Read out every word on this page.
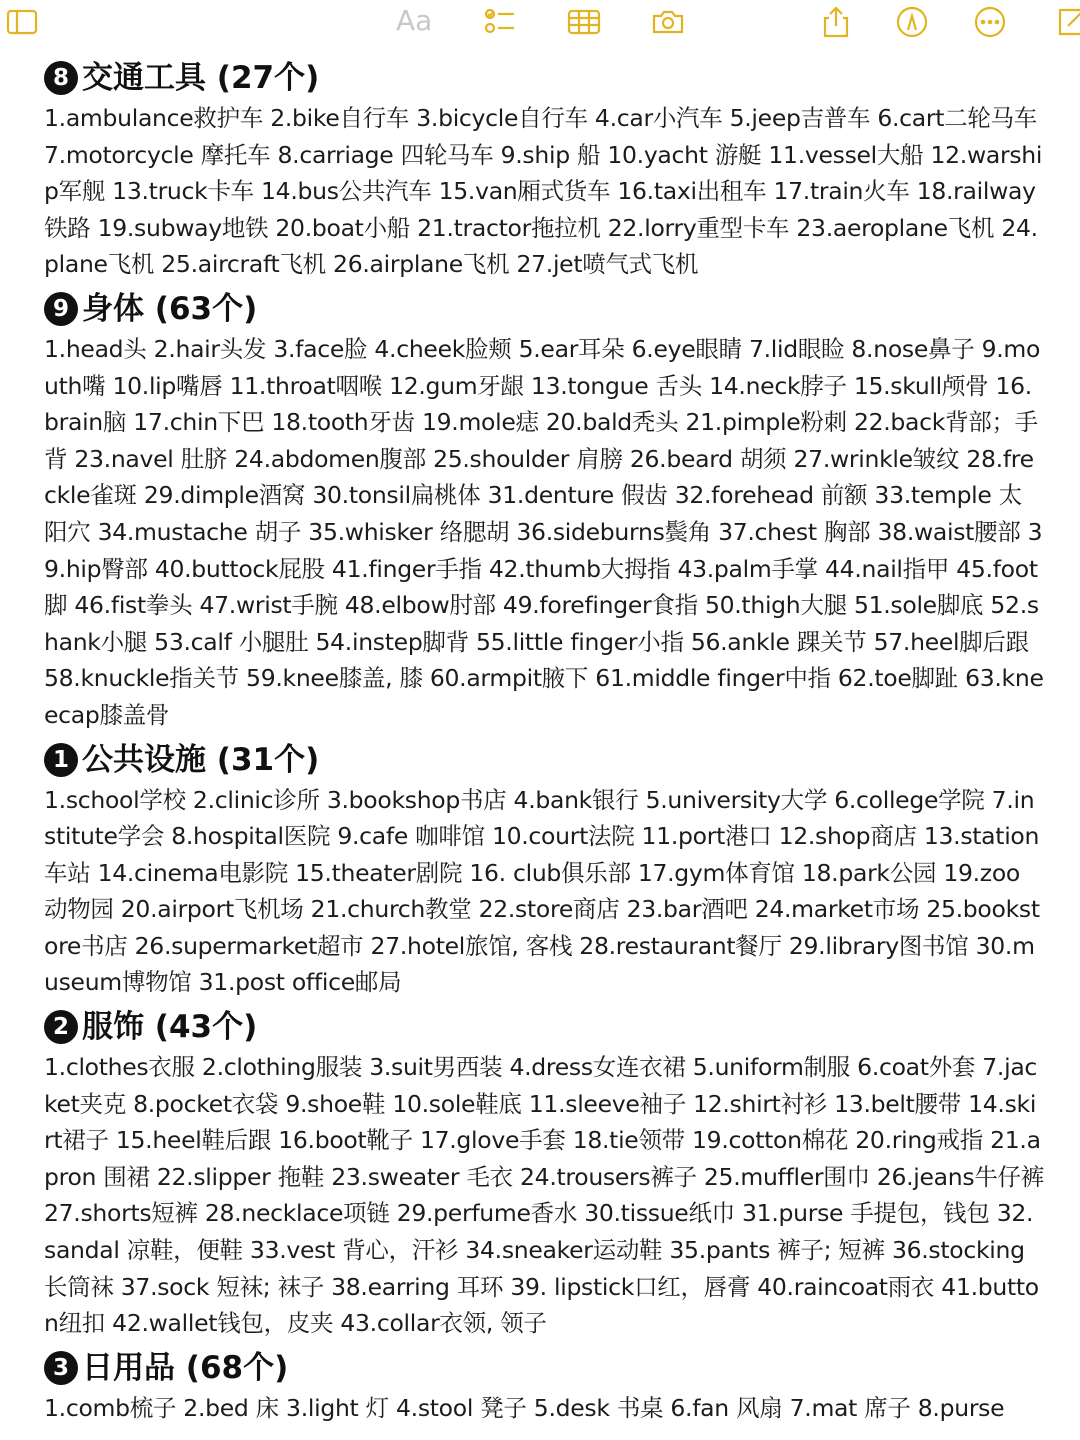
Aa
8 交通工具 (27个)
1.ambulance救护车 2.bike自行车 3.bicycle自行车 4.car小汽车 5.jeep吉普车 6.cart二轮马车 7.motorcycle 摩托车 8.carriage 四轮马车 9.ship 船 10.yacht 游艇 11.vessel大船 12.warship军舰 13.truck卡车 14.bus公共汽车 15.van厢式货车 16.taxi出租车 17.train火车 18.railway铁路 19.subway地铁 20.boat小船 21.tractor拖拉机 22.lorry重型卡车 23.aeroplane飞机 24.plane飞机 25.aircraft飞机 26.airplane飞机 27.jet喷气式飞机
9 身体 (63个)
1.head头 2.hair头发 3.face脸 4.cheek脸颊 5.ear耳朵 6.eye眼睛 7.lid眼睑 8.nose鼻子 9.mouth嘴 10.lip嘴唇 11.throat咽喉 12.gum牙龈 13.tongue 舌头 14.neck脖子 15.skull颅骨 16.brain脑 17.chin下巴 18.tooth牙齿 19.mole痣 20.bald秃头 21.pimple粉刺 22.back背部；手背 23.navel 肚脐 24.abdomen腹部 25.shoulder 肩膀 26.beard 胡须 27.wrinkle皱纹 28.freckle雀斑 29.dimple酒窝 30.tonsil扁桃体 31.denture 假齿 32.forehead 前额 33.temple 太阳穴 34.mustache 胡子 35.whisker 络腮胡 36.sideburns鬓角 37.chest 胸部 38.waist腰部 39.hip臀部 40.buttock屁股 41.finger手指 42.thumb大拇指 43.palm手掌 44.nail指甲 45.foot脚 46.fist拳头 47.wrist手腕 48.elbow肘部 49.forefinger食指 50.thigh大腿 51.sole脚底 52.shank小腿 53.calf 小腿肚 54.instep脚背 55.little finger小指 56.ankle 踝关节 57.heel脚后跟 58.knuckle指关节 59.knee膝盖, 膝 60.armpit腋下 61.middle finger中指 62.toe脚趾 63.kneecap膝盖骨
1 公共设施 (31个)
1.school学校 2.clinic诊所 3.bookshop书店 4.bank银行 5.university大学 6.college学院 7.institute学会 8.hospital医院 9.cafe 咖啡馆 10.court法院 11.port港口 12.shop商店 13.station车站 14.cinema电影院 15.theater剧院 16. club俱乐部 17.gym体育馆 18.park公园 19.zoo 动物园 20.airport飞机场 21.church教堂 22.store商店 23.bar酒吧 24.market市场 25.bookstore书店 26.supermarket超市 27.hotel旅馆, 客栈 28.restaurant餐厅 29.library图书馆 30.museum博物馆 31.post office邮局
2 服饰 (43个)
1.clothes衣服 2.clothing服装 3.suit男西装 4.dress女连衣裙 5.uniform制服 6.coat外套 7.jacket夹克 8.pocket衣袋 9.shoe鞋 10.sole鞋底 11.sleeve袖子 12.shirt衬衫 13.belt腰带 14.skirt裙子 15.heel鞋后跟 16.boot靴子 17.glove手套 18.tie领带 19.cotton棉花 20.ring戒指 21.apron 围裙 22.slipper 拖鞋 23.sweater 毛衣 24.trousers裤子 25.muffler围巾 26.jeans牛仔裤 27.shorts短裤 28.necklace项链 29.perfume香水 30.tissue纸巾 31.purse 手提包，钱包 32.sandal 凉鞋，便鞋 33.vest 背心，汗衫 34.sneaker运动鞋 35.pants 裤子; 短裤 36.stocking 长筒袜 37.sock 短袜; 袜子 38.earring 耳环 39. lipstick口红，唇膏 40.raincoat雨衣 41.button纽扣 42.wallet钱包，皮夹 43.collar衣领, 领子
3 日用品 (68个)
1.comb梳子 2.bed 床 3.light 灯 4.stool 凳子 5.desk 书桌 6.fan 风扇 7.mat 席子 8.purse
